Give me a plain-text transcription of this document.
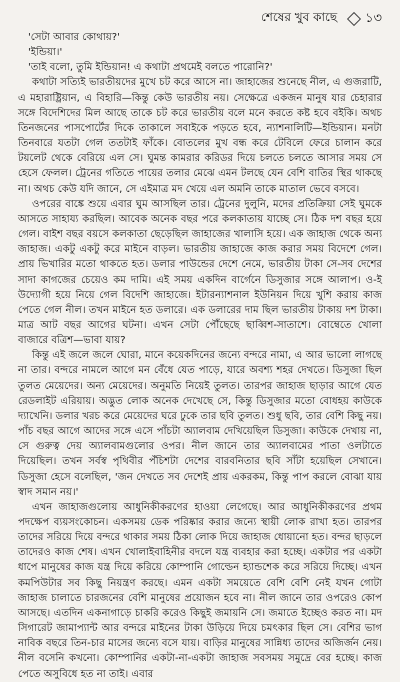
শেষের খুব কাছে ১৩

'সেটা আবার কোথায়?'

'ইন্ডিয়া।'

'তাই বলো, তুমি ইন্ডিয়ান! এ কথাটা প্রথমেই বলতে পারোনি?'

কথাটা সত্যিই ভারতীয়দের মুখে চট করে আসে না। জাহাজের শুনেছে নীল, এ গুজরাটি, এ মহারাষ্ট্রিয়ান, এ বিহারি—কিন্তু কেউ ভারতীয় নয়। সেক্ষেত্রে একজন মানুষ যার চেহারার সঙ্গে বিদেশিদের মিল আছে তাকে চট করে ভারতীয় বলে মনে করতে কষ্ট হবে বইকি। অথচ তিনজনের পাসপোর্টের দিকে তাকালে সবাইকে পড়তে হবে, ন্যাশনালিটি—ইন্ডিয়ান। মনটা তিনবারে যতটা গেল ততটাই ফাঁকে। বোতলের মুখ বন্ধ করে টেবিলে ফেরে চালান করে টয়লেট থেকে বেরিয়ে এল সে। ঘুমন্ত কামরার করিডর দিয়ে চলতে চলতে আসার সময় সে হেসে ফেলল। ট্রেনের গতিতে পায়ের তলার মেঝে এমন টলছে যেন বেশি বাতির স্থির থাকছে না। অথচ কেউ যদি জানে, সে এইমাত্র মদ খেয়ে এল অমনি তাকে মাতাল ভেবে বসবে।

ওপরের বাঙ্কে শুয়ে এবার ঘুম আসছিল তার। ট্রেনের দুলুনি, মদের প্রতিক্রিয়া সেই ঘুমকে আসতে সাহায্য করছিল। আবেক অনেক বছর পরে কলকাতায় যাচ্ছে সে। ঠিক দশ বছর হয়ে গেল। বাইশ বছর বয়সে কলকাতা ছেড়েছিল জাহাজের খালাসি হয়ে। এক জাহাজ থেকে অন্য জাহাজ। একটু একটু করে মাইনে বাড়ল। ভারতীয় জাহাজে কাজ করার সময় বিদেশে গেল। প্রায় ভিখারির মতো থাকতে হত। ডলার পাউন্ডের দেশে নেমে, ভারতীয় টাকা সে-সব দেশের সাদা কাগজের চেয়েও কম দামি। এই সময় একদিন বার্গেনে ডিসুজার সঙ্গে আলাপ। ও-ই উদ্যোগী হয়ে নিয়ে গেল বিদেশি জাহাজে। ইটারন্যাশনাল ইউনিয়ন দিয়ে খুশি করায় কাজ পেতে গেল নীল। তখন মাইনে হত ডলারে। এক ডলারের দাম ছিল ভারতীয় টাকায় দশ টাকা। মাত্র আট বছর আগের ঘটনা। এখন সেটা পৌঁছেছে ছাব্বিশ-সাতাশে। বোম্বেতে খোলা বাজারে বত্রিশ—ভাবা যায়?

কিন্তু এই জলে জলে ঘোরা, মানে কয়েকদিনের জন্যে বন্দরে নামা, এ আর ভালো লাগছে না তার। বন্দরে নামলে আগে মন বেঁধে যেত পাড়ে, যারে অবশ্য শহর দেখতে। ডিসুজা ছিল তুলত মেয়েদের। অন্য মেয়েদের। অনুমতি নিয়েই তুলত। তারপর জাহাজ ছাড়ার আগে যেত রেডলাইট এরিয়ায়। অদ্ভুত লোক অনেক দেখেছে সে, কিন্তু ডিসুজার মতো বোধহয় কাউকে দ্যাখেনি। ডলার খরচ করে মেয়েদের ঘরে ঢুকে তার ছবি তুলত। শুধু ছবি, তার বেশি কিছু নয়। পাঁচ বছর আগে আদের সঙ্গে এসে পাঁচটা অ্যালবাম দেখিয়েছিল ডিসুজা। কাউকে দেখায় না, সে গুরুত্ব দেয় অ্যালবামগুলোর ওপর। নীল জানে তার অ্যালবামের পাতা ওলটাতে দিয়েছিল। তখন সর্বস্ব পৃথিবীর পঁচিশটা দেশের বারবনিতার ছবি সাঁটা হয়েছিল সেখানে। ডিসুজা হেসে বলেছিল, 'জন দেখতে সব দেশেই প্রায় একরকম, কিন্তু পাপ করলে বোঝা যায় স্বাদ সমান নয়।'

এখন জাহাজগুলোয় আধুনিকীকরণের হাওয়া লেগেছে। আর আধুনিকীকরণের প্রথম পদক্ষেপ ব্যয়সংকোচন। একসময় ডেক পরিষ্কার করার জন্যে স্থায়ী লোক রাখা হত। তারপর তাদের সরিয়ে দিয়ে বন্দরে থাকার সময় ঠিকা লোক দিয়ে জাহাজ ধোয়ানো হত। বন্দর ছাড়লে তাদেরও কাজ শেষ। এখন খোলাইবাহিনীর বদলে যন্ত্র ব্যবহার করা হচ্ছে। একটার পর একটা ধাপে মানুষের কাজ যন্ত্র দিয়ে করিয়ে কোম্পানি গোল্ডেন হ্যান্ডশেক করে সরিয়ে দিচ্ছে। এখন কমপিউটার সব কিছু নিয়ন্ত্রণ করছে। এমন একটা সময়েতে বেশি বেশি নেই যখন গোটা জাহাজ চালাতে চারজনের বেশি মানুষের প্রয়োজন হবে না। নীল জানে তার ওপরেও কোপ আসছে। এতদিন একনাগাড়ে চাকরি করেও কিছুই জমায়নি সে। জমাতে ইচ্ছেও করত না। মদ সিগারেট জামাপ্যান্ট আর বন্দরে মাইনের টাকা উড়িয়ে দিয়ে চমৎকার ছিল সে। বেশির ভাগ নাবিক বছরে তিন-চার মাসের জন্যে বসে যায়। বাড়ির মানুষের সান্নিধ্য তাদের অজির্জন নেয়। নীল বসেনি কখনো। কোম্পানির একটা-না-একটা জাহাজ সবসময় সমুদ্রে বের হচ্ছে। কাজ পেতে অসুবিধে হত না তাই। এবার
